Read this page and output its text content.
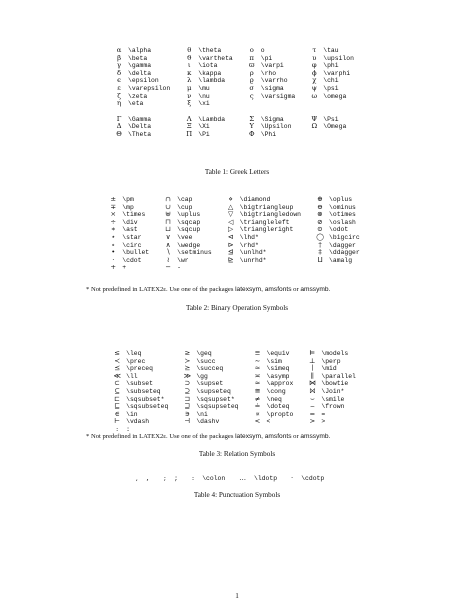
α	\alpha	θ	\theta	o	o	τ	\tau
β	\beta	ϑ	\vartheta	π	\pi	υ	\upsilon
γ	\gamma	ι	\iota	ϖ	\varpi	φ	\phi
δ	\delta	κ	\kappa	ρ	\rho	ϕ	\varphi
ϵ	\epsilon	λ	\lambda	ϱ	\varrho	χ	\chi
ε	\varepsilon	μ	\mu	σ	\sigma	ψ	\psi
ζ	\zeta	ν	\nu	ς	\varsigma	ω	\omega
η	\eta	ξ	\xi				

Γ	\Gamma	Λ	\Lambda	Σ	\Sigma	Ψ	\Psi
Δ	\Delta	Ξ	\Xi	Υ	\Upsilon	Ω	\Omega
Θ	\Theta	Π	\Pi	Φ	\Phi		
Table 1: Greek Letters
±	\pm	∩	\cap	⋄	\diamond	⊕	\oplus
∓	\mp	∪	\cup	△	\bigtriangleup	⊖	\ominus
×	\times	⊎	\uplus	▽	\bigtriangledown	⊗	\otimes
÷	\div	⊓	\sqcap	◁	\triangleleft	⊘	\oslash
∗	\ast	⊔	\sqcup	▷	\triangleright	⊙	\odot
⋆	\star	∨	\vee	⊲	\lhd*	◯	\bigcirc
∘	\circ	∧	\wedge	⊳	\rhd*	†	\dagger
•	\bullet	∖	\setminus	⊴	\unlhd*	‡	\ddagger
·	\cdot	≀	\wr	⊵	\unrhd*	⨿	\amalg
+	+	−	-				
* Not predefined in LATEX2ε. Use one of the packages latexsym, amsfonts or amssymb.
Table 2: Binary Operation Symbols
≤	\leq	≥	\geq	≡	\equiv	⊨	\models
≺	\prec	≻	\succ	∼	\sim	⊥	\perp
⪯	\preceq	⪰	\succeq	≃	\simeq	∣	\mid
≪	\ll	≫	\gg	≍	\asymp	∥	\parallel
⊂	\subset	⊃	\supset	≈	\approx	⋈	\bowtie
⊆	\subseteq	⊇	\supseteq	≅	\cong	⨝	\Join*
⊏	\sqsubset*	⊐	\sqsupset*	≠	\neq	⌣	\smile
⊑	\sqsubseteq	⊒	\sqsupseteq	≐	\doteq	⌢	\frown
∈	\in	∋	\ni	∝	\propto	=	=
⊢	\vdash	⊣	\dashv	<	<	>	>
:	:						
* Not predefined in LATEX2ε. Use one of the packages latexsym, amsfonts or amssymb.
Table 3: Relation Symbols
, , ; ; : \colon … \ldotp · \cdotp
Table 4: Punctuation Symbols
1
